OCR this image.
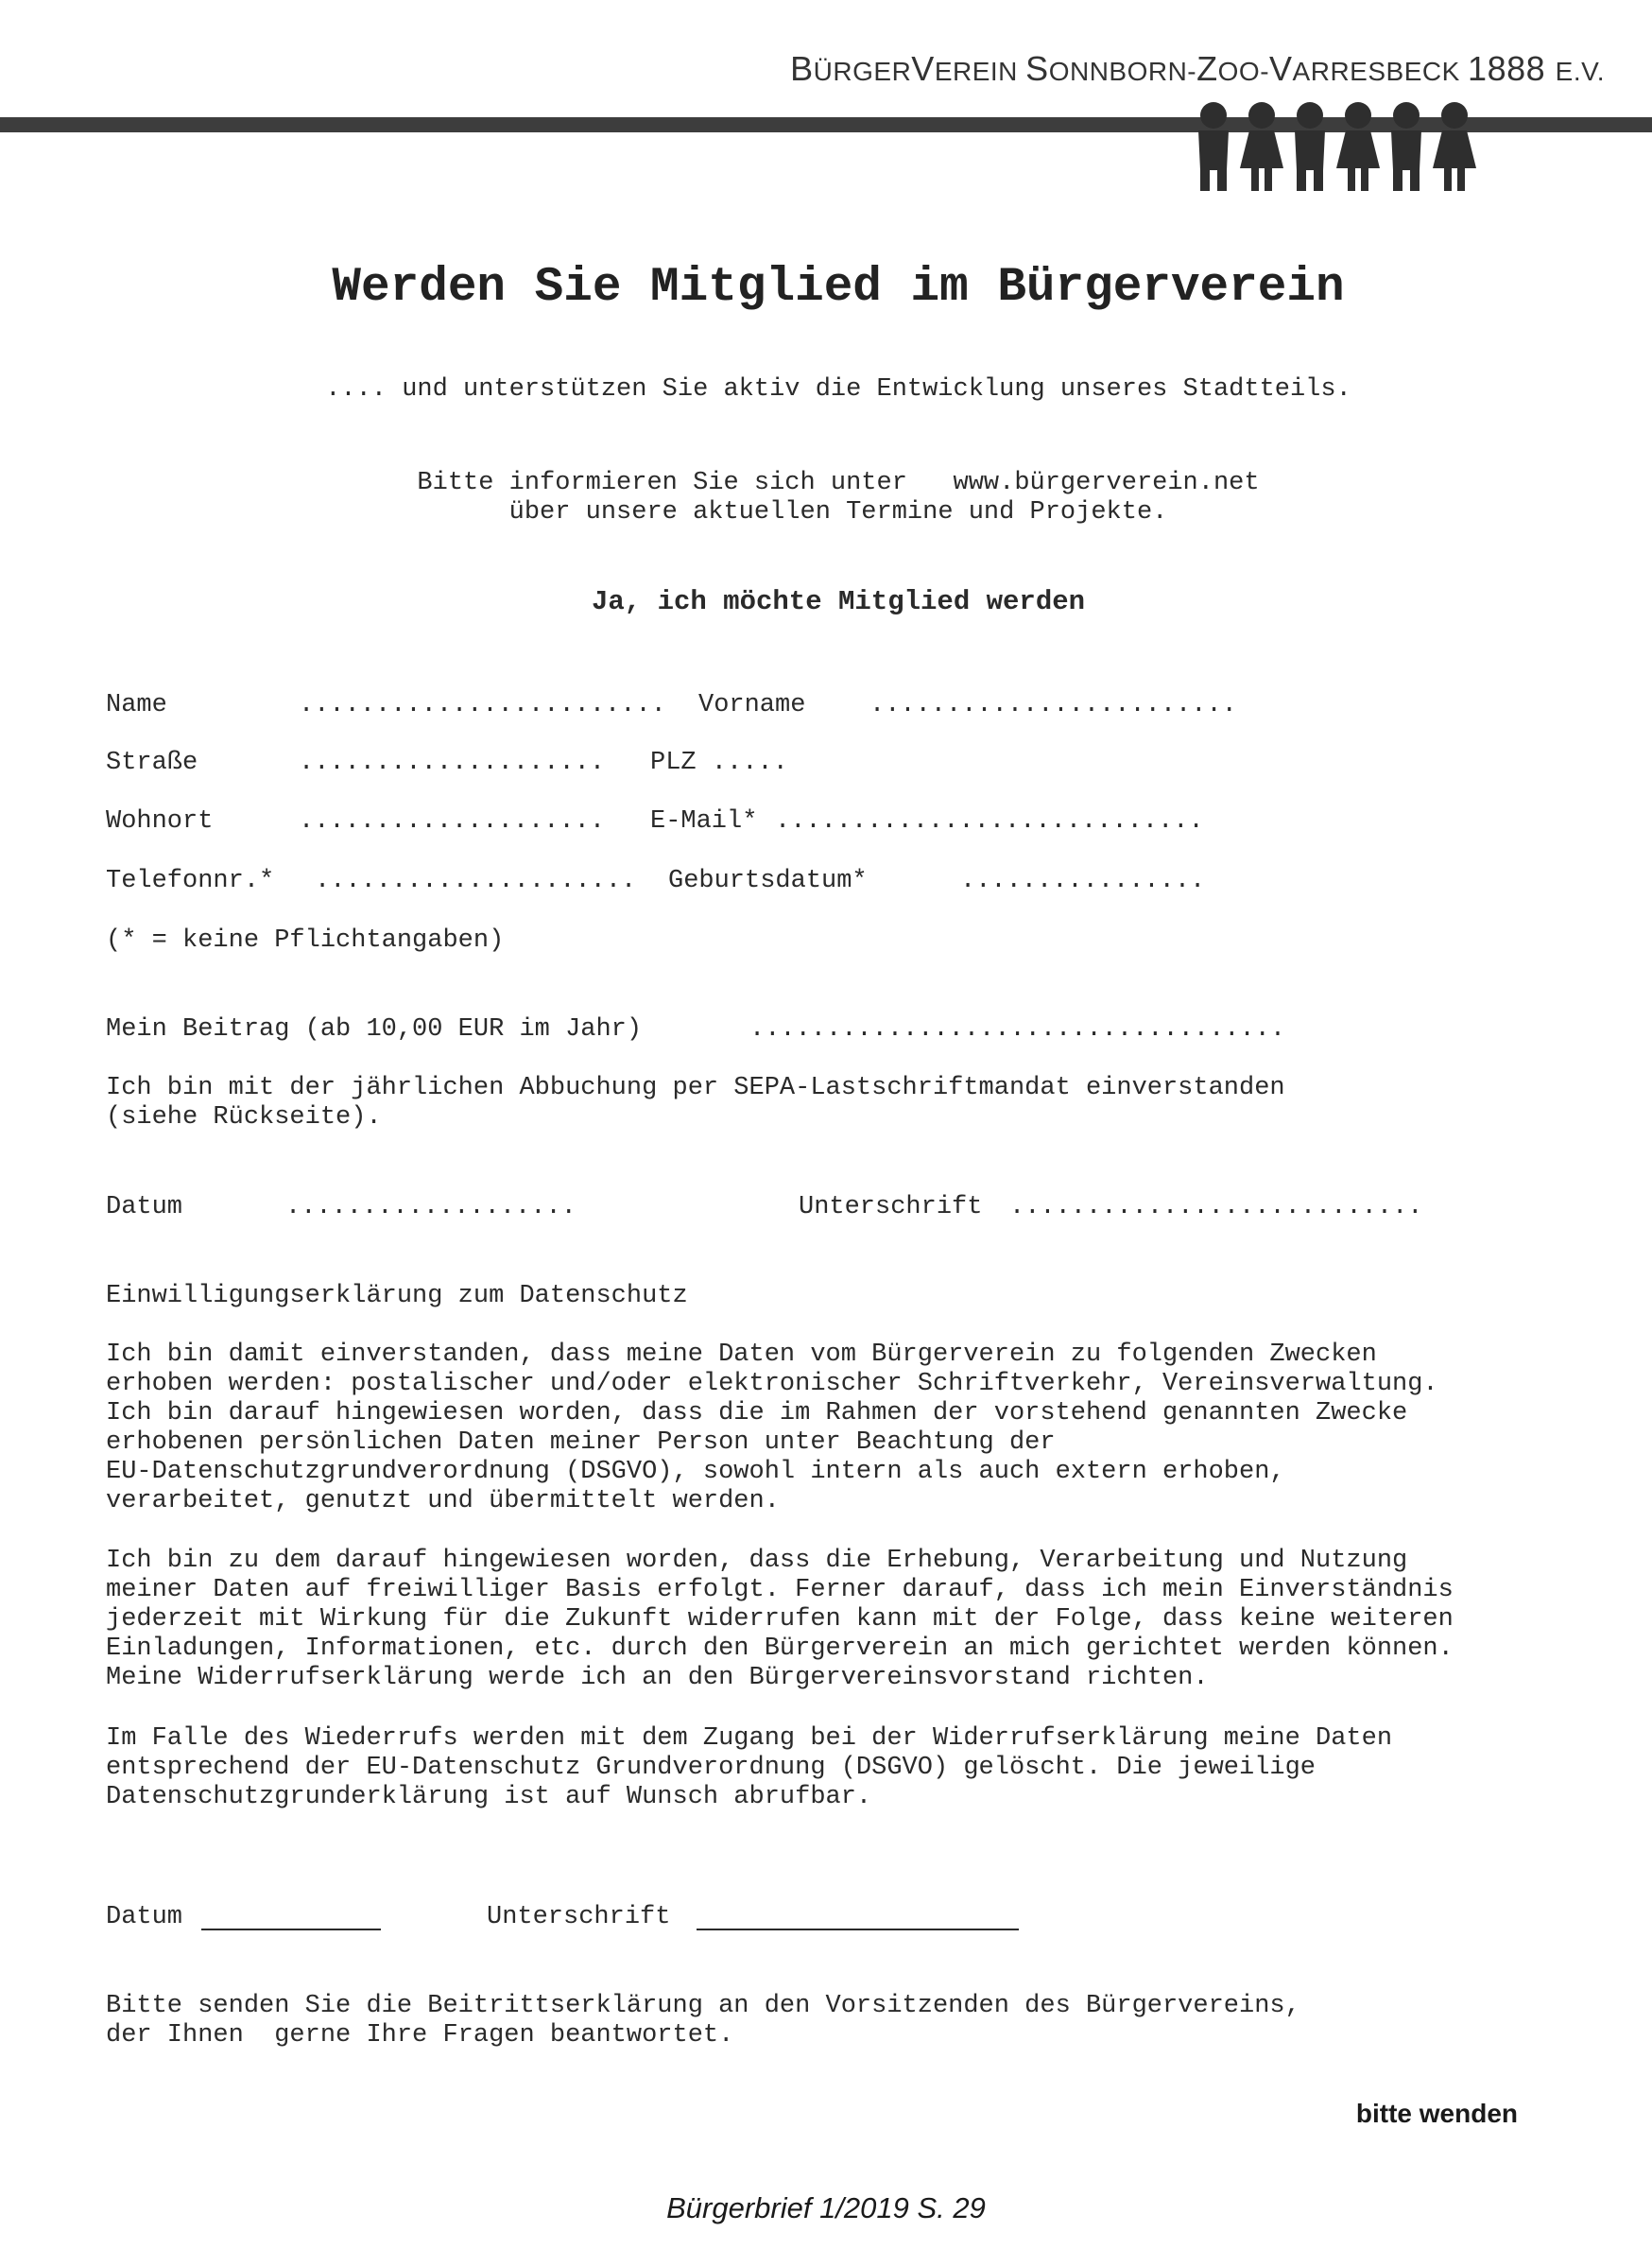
BÜRGERVEREIN SONNBORN-ZOO-VARRESBECK 1888 E.V.
Werden Sie Mitglied im Bürgerverein
.... und unterstützen Sie aktiv die Entwicklung unseres Stadtteils.
Bitte informieren Sie sich unter   www.bürgerverein.net
über unsere aktuellen Termine und Projekte.
Ja, ich möchte Mitglied werden
Name	........................ Vorname	........................
Straße	.................... PLZ .....
Wohnort	.................... E-Mail* ............................
Telefonnr.* ..................... Geburtsdatum*	................
(* = keine Pflichtangaben)
Mein Beitrag (ab 10,00 EUR im Jahr)	...................................
Ich bin mit der jährlichen Abbuchung per SEPA-Lastschriftmandat einverstanden
(siehe Rückseite).
Datum	...................	Unterschrift ...........................
Einwilligungserklärung zum Datenschutz
Ich bin damit einverstanden, dass meine Daten vom Bürgerverein zu folgenden Zwecken
erhoben werden: postalischer und/oder elektronischer Schriftverkehr, Vereinsverwaltung.
Ich bin darauf hingewiesen worden, dass die im Rahmen der vorstehend genannten Zwecke
erhobenen persönlichen Daten meiner Person unter Beachtung der
EU-Datenschutzgrundverordnung (DSGVO), sowohl intern als auch extern erhoben,
verarbeitet, genutzt und übermittelt werden.
Ich bin zu dem darauf hingewiesen worden, dass die Erhebung, Verarbeitung und Nutzung
meiner Daten auf freiwilliger Basis erfolgt. Ferner darauf, dass ich mein Einverständnis
jederzeit mit Wirkung für die Zukunft widerrufen kann mit der Folge, dass keine weiteren
Einladungen, Informationen, etc. durch den Bürgerverein an mich gerichtet werden können.
Meine Widerrufserklärung werde ich an den Bürgervereinsvorstand richten.
Im Falle des Wiederrufs werden mit dem Zugang bei der Widerrufserklärung meine Daten
entsprechend der EU-Datenschutz Grundverordnung (DSGVO) gelöscht. Die jeweilige
Datenschutzgrunderklärung ist auf Wunsch abrufbar.
Datum	Unterschrift
Bitte senden Sie die Beitrittserklärung an den Vorsitzenden des Bürgervereins,
der Ihnen  gerne Ihre Fragen beantwortet.
bitte wenden
Bürgerbrief 1/2019 S. 29
